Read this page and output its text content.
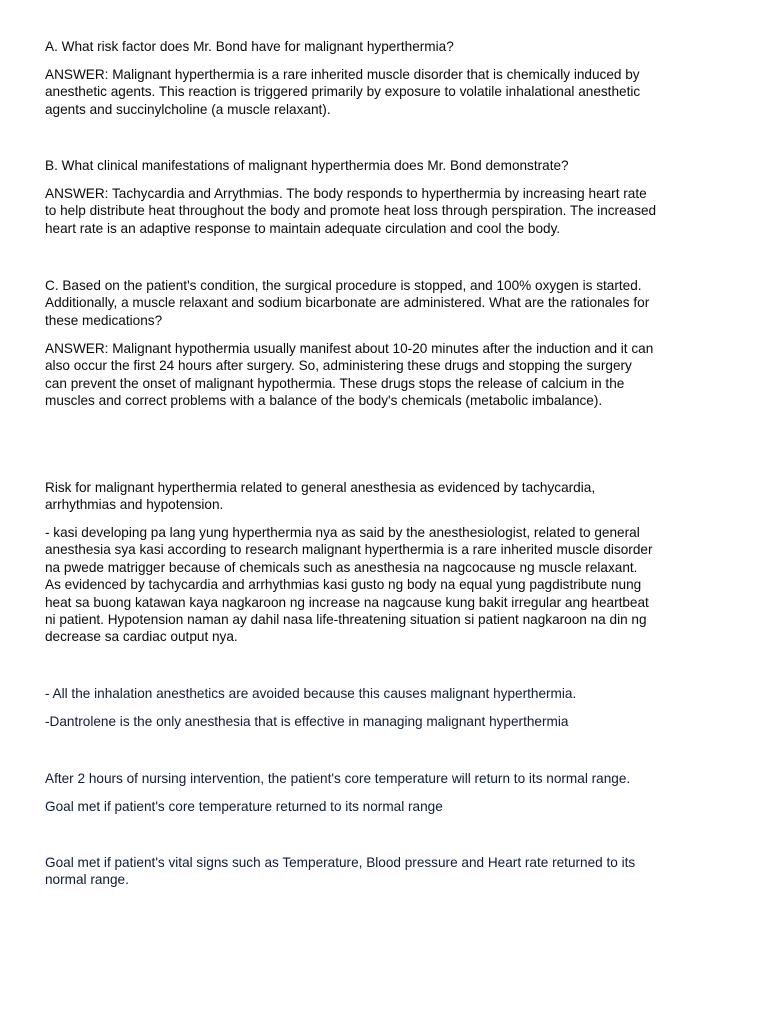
A. What risk factor does Mr. Bond have for malignant hyperthermia?

ANSWER: Malignant hyperthermia is a rare inherited muscle disorder that is chemically induced by
anesthetic agents. This reaction is triggered primarily by exposure to volatile inhalational anesthetic
agents and succinylcholine (a muscle relaxant).

B. What clinical manifestations of malignant hyperthermia does Mr. Bond demonstrate?

ANSWER: Tachycardia and Arrythmias. The body responds to hyperthermia by increasing heart rate
to help distribute heat throughout the body and promote heat loss through perspiration. The increased
heart rate is an adaptive response to maintain adequate circulation and cool the body.

C. Based on the patient's condition, the surgical procedure is stopped, and 100% oxygen is started.
Additionally, a muscle relaxant and sodium bicarbonate are administered. What are the rationales for
these medications?

ANSWER: Malignant hypothermia usually manifest about 10-20 minutes after the induction and it can
also occur the first 24 hours after surgery. So, administering these drugs and stopping the surgery
can prevent the onset of malignant hypothermia. These drugs stops the release of calcium in the
muscles and correct problems with a balance of the body's chemicals (metabolic imbalance).

Risk for malignant hyperthermia related to general anesthesia as evidenced by tachycardia,
arrhythmias and hypotension.

- kasi developing pa lang yung hyperthermia nya as said by the anesthesiologist, related to general
anesthesia sya kasi according to research malignant hyperthermia is a rare inherited muscle disorder
na pwede matrigger because of chemicals such as anesthesia na nagcocause ng muscle relaxant.
As evidenced by tachycardia and arrhythmias kasi gusto ng body na equal yung pagdistribute nung
heat sa buong katawan kaya nagkaroon ng increase na nagcause kung bakit irregular ang heartbeat
ni patient. Hypotension naman ay dahil nasa life-threatening situation si patient nagkaroon na din ng
decrease sa cardiac output nya.

- All the inhalation anesthetics are avoided because this causes malignant hyperthermia.

-Dantrolene is the only anesthesia that is effective in managing malignant hyperthermia

After 2 hours of nursing intervention, the patient's core temperature will return to its normal range.

Goal met if patient's core temperature returned to its normal range

Goal met if patient's vital signs such as Temperature, Blood pressure and Heart rate returned to its
normal range.
